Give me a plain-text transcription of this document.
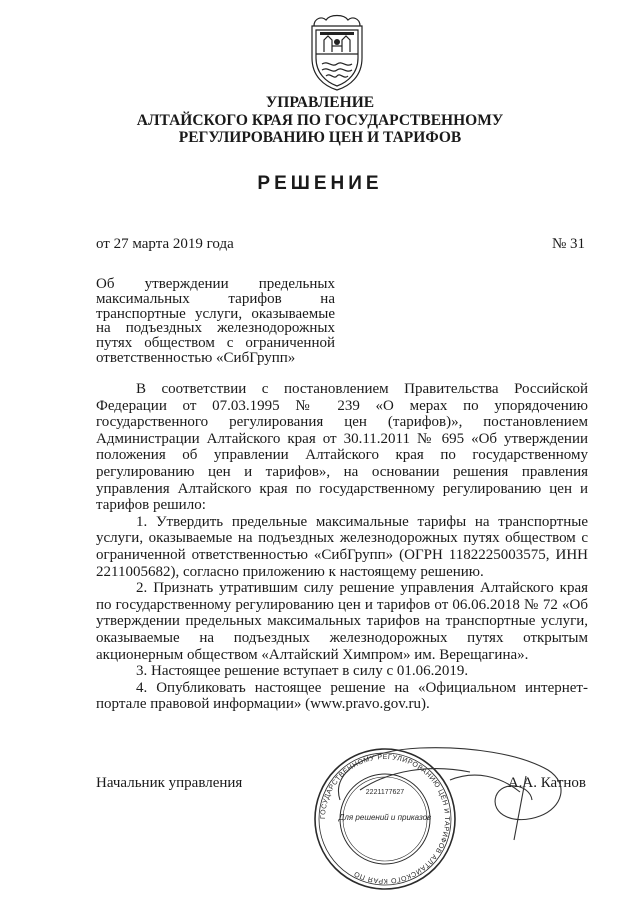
УПРАВЛЕНИЕ
АЛТАЙСКОГО КРАЯ ПО ГОСУДАРСТВЕННОМУ
РЕГУЛИРОВАНИЮ ЦЕН И ТАРИФОВ
РЕШЕНИЕ
от 27 марта 2019 года	№ 31
Об утверждении предельных максимальных тарифов на транспортные услуги, оказываемые на подъездных железнодорожных путях обществом с ограниченной ответственностью «СибГрупп»

В соответствии с постановлением Правительства Российской Федерации от 07.03.1995 № 239 «О мерах по упорядочению государственного регулирования цен (тарифов)», постановлением Администрации Алтайского края от 30.11.2011 № 695 «Об утверждении положения об управлении Алтайского края по государственному регулированию цен и тарифов», на основании решения правления управления Алтайского края по государственному регулированию цен и тарифов решило:

1. Утвердить предельные максимальные тарифы на транспортные услуги, оказываемые на подъездных железнодорожных путях обществом с ограниченной ответственностью «СибГрупп» (ОГРН 1182225003575, ИНН 2211005682), согласно приложению к настоящему решению.

2. Признать утратившим силу решение управления Алтайского края по государственному регулированию цен и тарифов от 06.06.2018 № 72 «Об утверждении предельных максимальных тарифов на транспортные услуги, оказываемые на подъездных железнодорожных путях открытым акционерным обществом «Алтайский Химпром» им. Верещагина».

3. Настоящее решение вступает в силу с 01.06.2019.

4. Опубликовать настоящее решение на «Официальном интернет-портале правовой информации» (www.pravo.gov.ru).

ГОСУДАРСТВЕННОМУ РЕГУЛИРОВАНИЮ ЦЕН И ТАРИФОВ АЛТАЙСКОГО КРАЯ ПО
2221177627
Для решений и приказов
Начальник управления	А.А. Катнов
